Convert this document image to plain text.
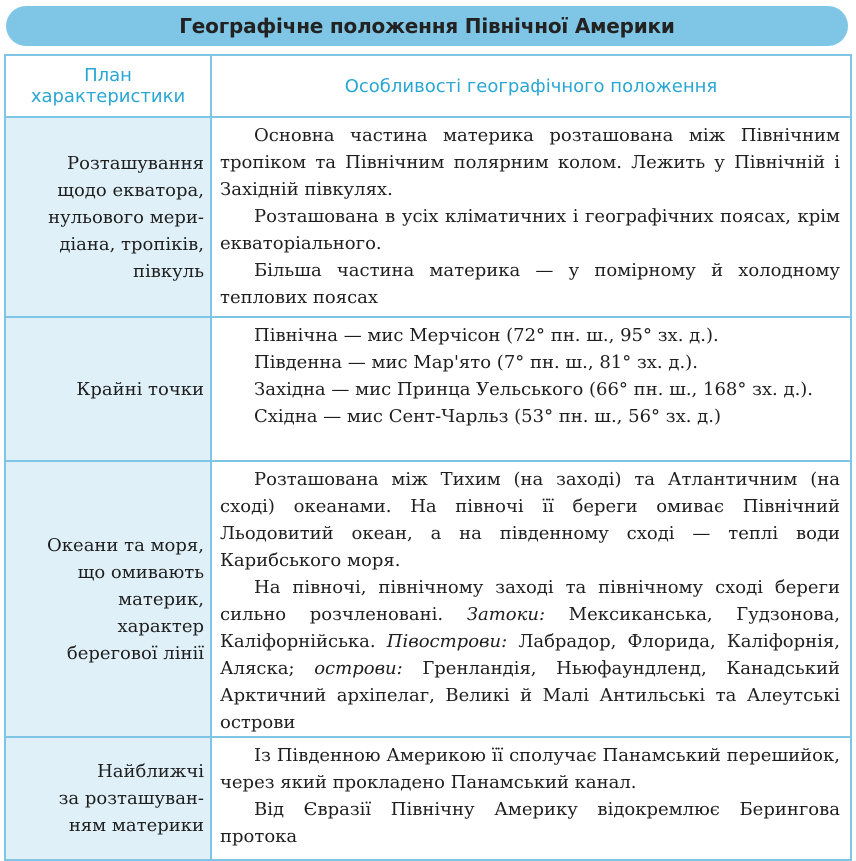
Географічне положення Північної Америки
План
характеристики	Особливості географічного положення
Розташування
щодо екватора,
нульового мери-
діана, тропіків,
півкуль

Основна частина материка розташована між Північним тропіком та Північним полярним колом. Лежить у Північній і Західній півкулях.

Розташована в усіх кліматичних і географічних поясах, крім екваторіального.

Більша частина материка — у помірному й холодному теплових поясах

Крайні точки

Північна — мис Мерчісон (72° пн. ш., 95° зх. д.).

Південна — мис Мар'ято (7° пн. ш., 81° зх. д.).

Західна — мис Принца Уельського (66° пн. ш., 168° зх. д.).

Східна — мис Сент-Чарльз (53° пн. ш., 56° зх. д.)

Океани та моря,
що омивають
материк,
характер
берегової лінії

Розташована між Тихим (на заході) та Атлантичним (на сході) океанами. На півночі її береги омиває Північний Льодовитий океан, а на південному сході — теплі води Карибського моря.

На півночі, північному заході та північному сході береги сильно розчленовані. Затоки: Мексиканська, Гудзонова, Каліфорнійська. Півострови: Лабрадор, Флорида, Каліфорнія, Аляска; острови: Гренландія, Ньюфаундленд, Канадський Арктичний архіпелаг, Великі й Малі Антильські та Алеутські острови

Найближчі
за розташуван-
ням материки

Із Південною Америкою її сполучає Панамський перешийок, через який прокладено Панамський канал.

Від Євразії Північну Америку відокремлює Берингова протока
